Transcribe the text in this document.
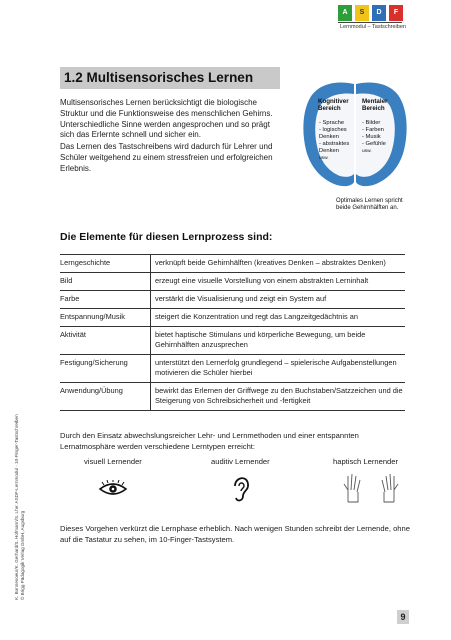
A	S	D	F
Lernmodul – Tastschreiben
1.2 Multisensorisches Lernen
Multisensorisches Lernen berücksichtigt die biologische Struktur und die Funktionsweise des menschlichen Gehirns. Unterschiedliche Sinne werden angesprochen und so prägt sich das Erlernte schnell und sicher ein.
Das Lernen des Tastschreibens wird dadurch für Lehrer und Schüler weitgehend zu einem stressfreien und erfolgreichen Erlebnis.
Kognitiver Bereich
- Sprache
- logisches Denken
- abstraktes Denken
usw.
Mentaler Bereich
- Bilder
- Farben
- Musik
- Gefühle
usw.
Optimales Lernen spricht beide Gehirnhälften an.
Die Elemente für diesen Lernprozess sind:
Lerngeschichte	verknüpft beide Gehirnhälften (kreatives Denken – abstraktes Denken)
Bild	erzeugt eine visuelle Vorstellung von einem abstrakten Lerninhalt
Farbe	verstärkt die Visualisierung und zeigt ein System auf
Entspannung/Musik	steigert die Konzentration und regt das Langzeitgedächtnis an
Aktivität	bietet haptische Stimulans und körperliche Bewegung, um beide Gehirnhälften anzusprechen
Festigung/Sicherung	unterstützt den Lernerfolg grundlegend – spielerische Aufgabenstellungen motivieren die Schüler hierbei
Anwendung/Übung	bewirkt das Erlernen der Griffwege zu den Buchstaben/Satzzeichen und die Steigerung von Schreibsicherheit und -fertigkeit
Durch den Einsatz abwechslungsreicher Lehr- und Lernmethoden und einer entspannten Lernatmosphäre werden verschiedene Lerntypen erreicht:
visuell Lernender	auditiv Lernender	haptisch Lernender
Dieses Vorgehen verkürzt die Lernphase erheblich. Nach wenigen Stunden schreibt der Lernende, ohne auf die Tastatur zu sehen, im 10-Finger-Tastsystem.
K. Bonnesoeur/K. Gerhard/S. Hofmann/S. Lhe: ASDF-Lernmodul · 10-Finger-Tastschreiben © Brigg Pädagogik Verlag GmbH, Augsburg
9
